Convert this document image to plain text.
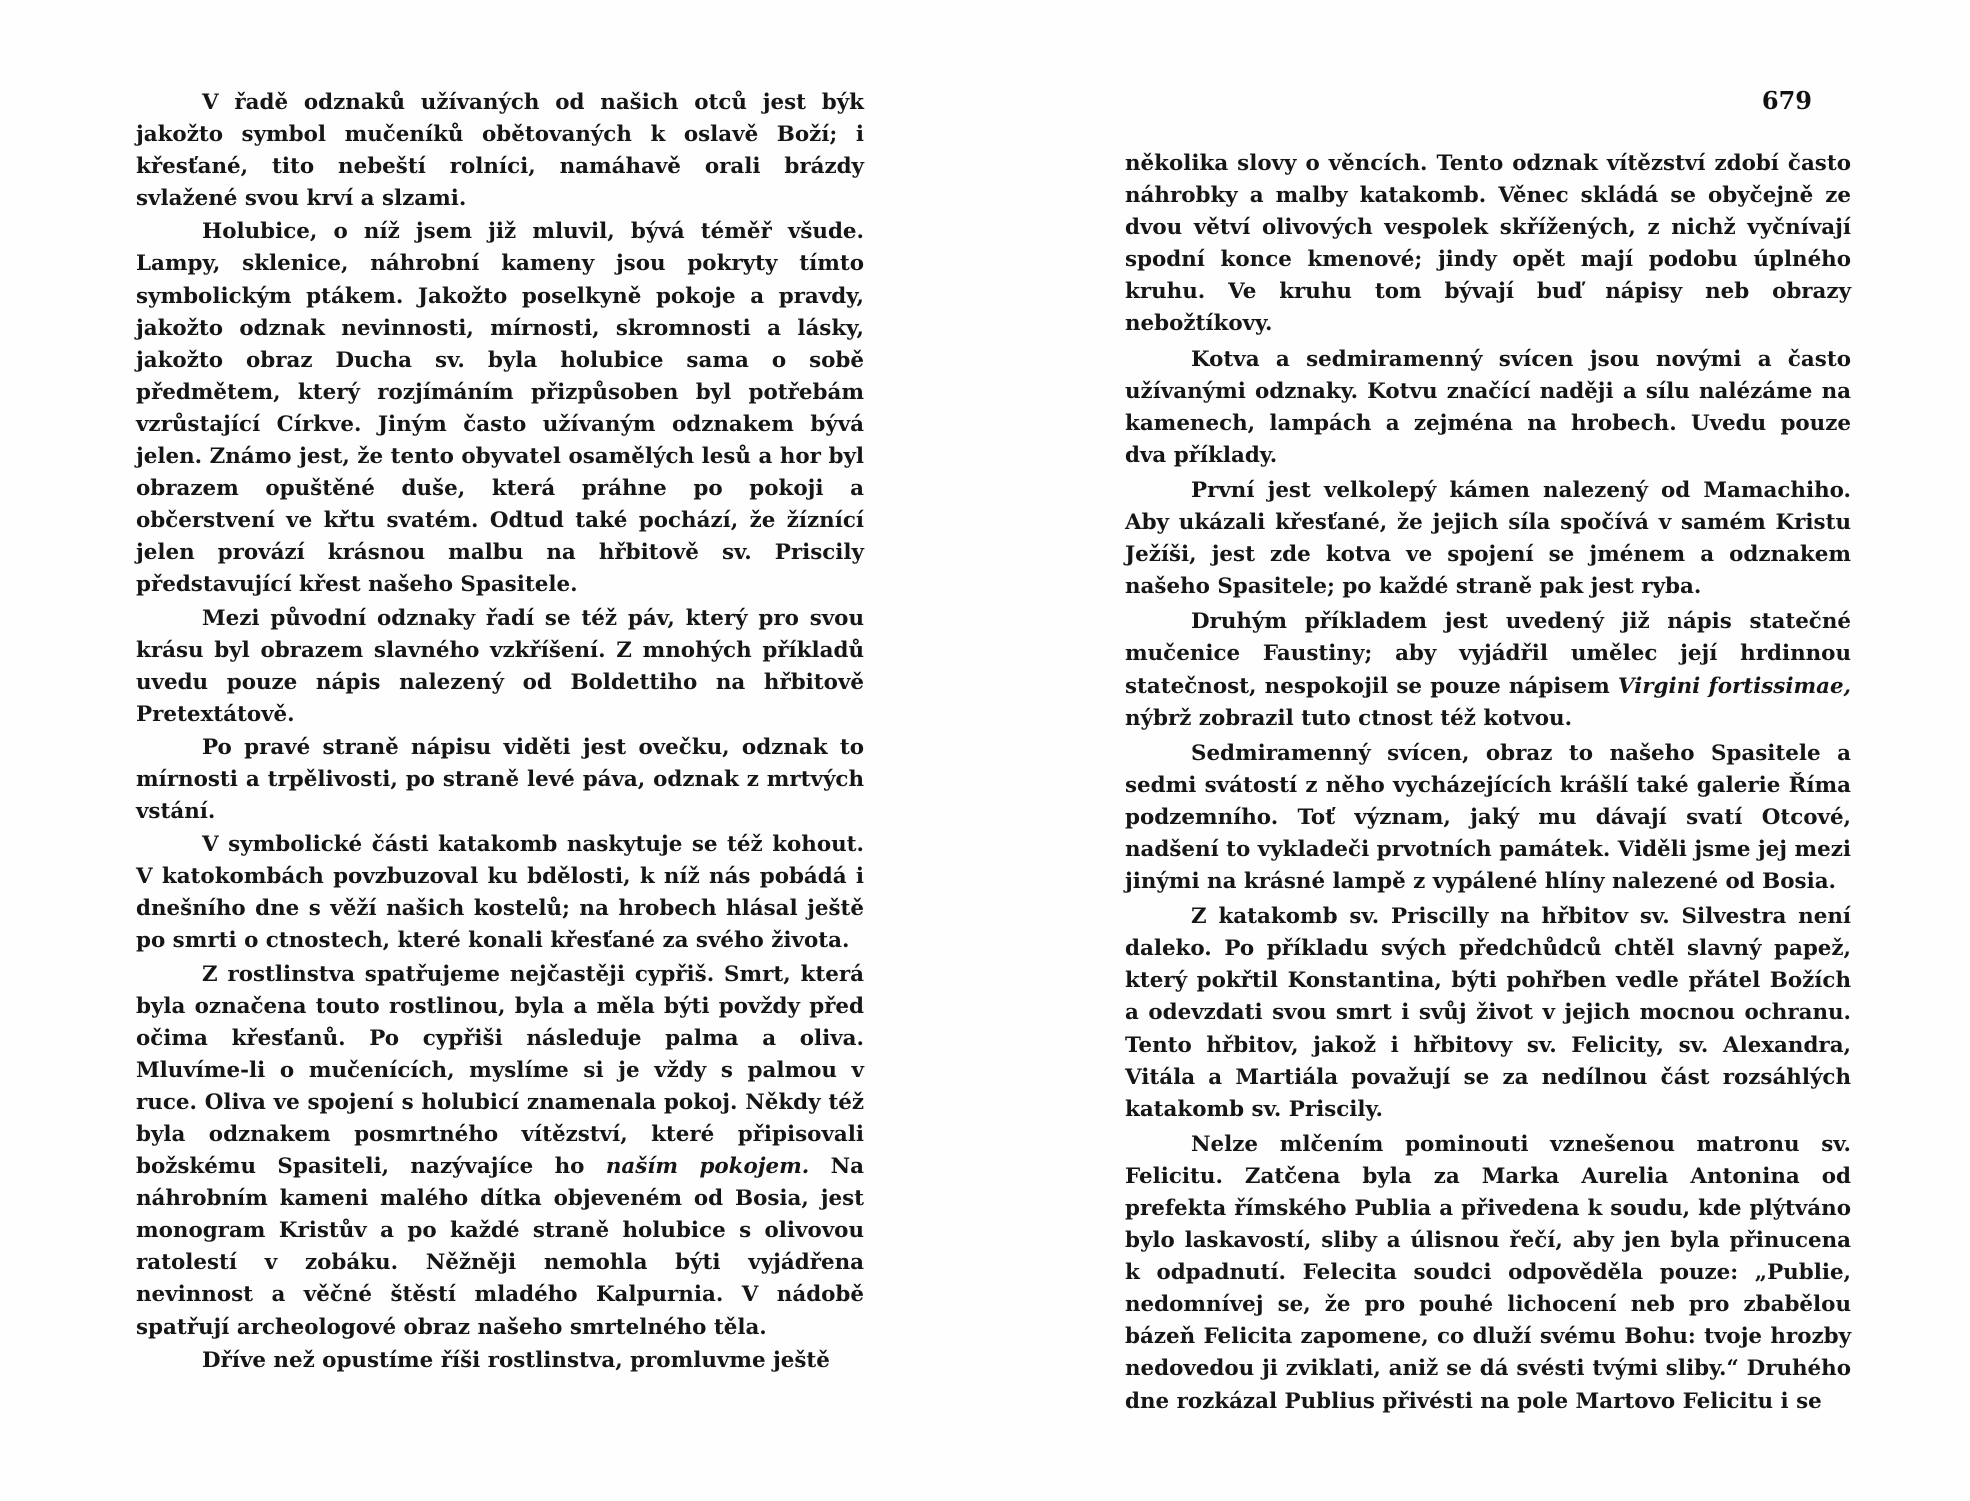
V řadě odznaků užívaných od našich otců jest býk jakožto symbol mučeníků obětovaných k oslavě Boží; i křesťané, tito nebeští rolníci, namáhavě orali brázdy svlažené svou krví a slzami.

Holubice, o níž jsem již mluvil, bývá téměř všude. Lampy, sklenice, náhrobní kameny jsou pokryty tímto symbolickým ptákem. Jakožto poselkyně pokoje a pravdy, jakožto odznak nevinnosti, mírnosti, skromnosti a lásky, jakožto obraz Ducha sv. byla holubice sama o sobě předmětem, který rozjímáním přizpůsoben byl potřebám vzrůstající Církve. Jiným často užívaným odznakem bývá jelen. Známo jest, že tento obyvatel osamělých lesů a hor byl obrazem opuštěné duše, která práhne po pokoji a občerstvení ve křtu svatém. Odtud také pochází, že žíznící jelen provází krásnou malbu na hřbitově sv. Priscily představující křest našeho Spasitele.

Mezi původní odznaky řadí se též páv, který pro svou krásu byl obrazem slavného vzkříšení. Z mnohých příkladů uvedu pouze nápis nalezený od Boldettiho na hřbitově Pretextátově.

Po pravé straně nápisu viděti jest ovečku, odznak to mírnosti a trpělivosti, po straně levé páva, odznak z mrtvých vstání.

V symbolické části katakomb naskytuje se též kohout. V katokombách povzbuzoval ku bdělosti, k níž nás pobádá i dnešního dne s věží našich kostelů; na hrobech hlásal ještě po smrti o ctnostech, které konali křesťané za svého života.

Z rostlinstva spatřujeme nejčastěji cypřiš. Smrt, která byla označena touto rostlinou, byla a měla býti povždy před očima křesťanů. Po cypřiši následuje palma a oliva. Mluvíme-li o mučenících, myslíme si je vždy s palmou v ruce. Oliva ve spojení s holubicí znamenala pokoj. Někdy též byla odznakem posmrtného vítězství, které připisovali božskému Spasiteli, nazývajíce ho naším pokojem. Na náhrobním kameni malého dítka objeveném od Bosia, jest monogram Kristův a po každé straně holubice s olivovou ratolestí v zobáku. Něžněji nemohla býti vyjádřena nevinnost a věčné štěstí mladého Kalpurnia. V nádobě spatřují archeologové obraz našeho smrtelného těla.

Dříve než opustíme říši rostlinstva, promluvme ještě

679

několika slovy o věncích. Tento odznak vítězství zdobí často náhrobky a malby katakomb. Věnec skládá se obyčejně ze dvou větví olivových vespolek skřížených, z nichž vyčnívají spodní konce kmenové; jindy opět mají podobu úplného kruhu. Ve kruhu tom bývají buď nápisy neb obrazy nebožtíkovy.

Kotva a sedmiramenný svícen jsou novými a často užívanými odznaky. Kotvu značící naději a sílu nalézáme na kamenech, lampách a zejména na hrobech. Uvedu pouze dva příklady.

První jest velkolepý kámen nalezený od Mamachiho. Aby ukázali křesťané, že jejich síla spočívá v samém Kristu Ježíši, jest zde kotva ve spojení se jménem a odznakem našeho Spasitele; po každé straně pak jest ryba.

Druhým příkladem jest uvedený již nápis statečné mučenice Faustiny; aby vyjádřil umělec její hrdinnou statečnost, nespokojil se pouze nápisem Virgini fortissimae, nýbrž zobrazil tuto ctnost též kotvou.

Sedmiramenný svícen, obraz to našeho Spasitele a sedmi svátostí z něho vycházejících krášlí také galerie Říma podzemního. Toť význam, jaký mu dávají svatí Otcové, nadšení to vykladeči prvotních památek. Viděli jsme jej mezi jinými na krásné lampě z vypálené hlíny nalezené od Bosia.

Z katakomb sv. Priscilly na hřbitov sv. Silvestra není daleko. Po příkladu svých předchůdců chtěl slavný papež, který pokřtil Konstantina, býti pohřben vedle přátel Božích a odevzdati svou smrt i svůj život v jejich mocnou ochranu. Tento hřbitov, jakož i hřbitovy sv. Felicity, sv. Alexandra, Vitála a Martiála považují se za nedílnou část rozsáhlých katakomb sv. Priscily.

Nelze mlčením pominouti vznešenou matronu sv. Felicitu. Zatčena byla za Marka Aurelia Antonina od prefekta římského Publia a přivedena k soudu, kde plýtváno bylo laskavostí, sliby a úlisnou řečí, aby jen byla přinucena k odpadnutí. Felecita soudci odpověděla pouze: „Publie, nedomnívej se, že pro pouhé lichocení neb pro zbabělou bázeň Felicita zapomene, co dluží svému Bohu: tvoje hrozby nedovedou ji zviklati, aniž se dá svésti tvými sliby.“ Druhého dne rozkázal Publius přivésti na pole Martovo Felicitu i se
